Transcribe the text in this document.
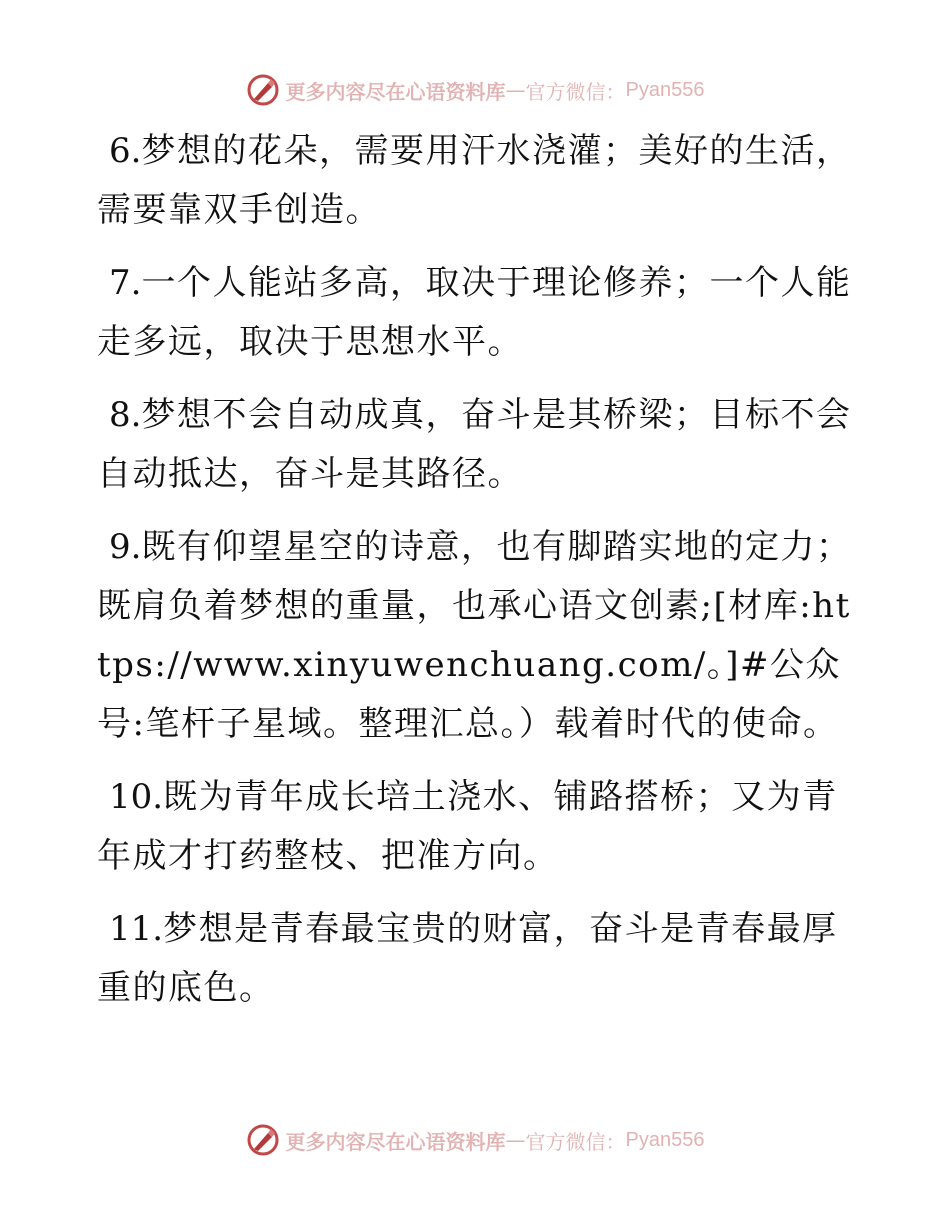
更多内容尽在心语资料库 — 官方微信： Pyan556

6.梦想的花朵，需要用汗水浇灌；美好的生活，需要靠双手创造。

7.一个人能站多高，取决于理论修养；一个人能走多远，取决于思想水平。

8.梦想不会自动成真，奋斗是其桥梁；目标不会自动抵达，奋斗是其路径。

9.既有仰望星空的诗意，也有脚踏实地的定力；既肩负着梦想的重量，也承心语文创素;[材库:https://www.xinyuwenchuang.com/。]#公众号:笔杆子星域。整理汇总。）载着时代的使命。

10.既为青年成长培土浇水、铺路搭桥；又为青年成才打药整枝、把准方向。

11.梦想是青春最宝贵的财富，奋斗是青春最厚重的底色。

更多内容尽在心语资料库 — 官方微信： Pyan556
